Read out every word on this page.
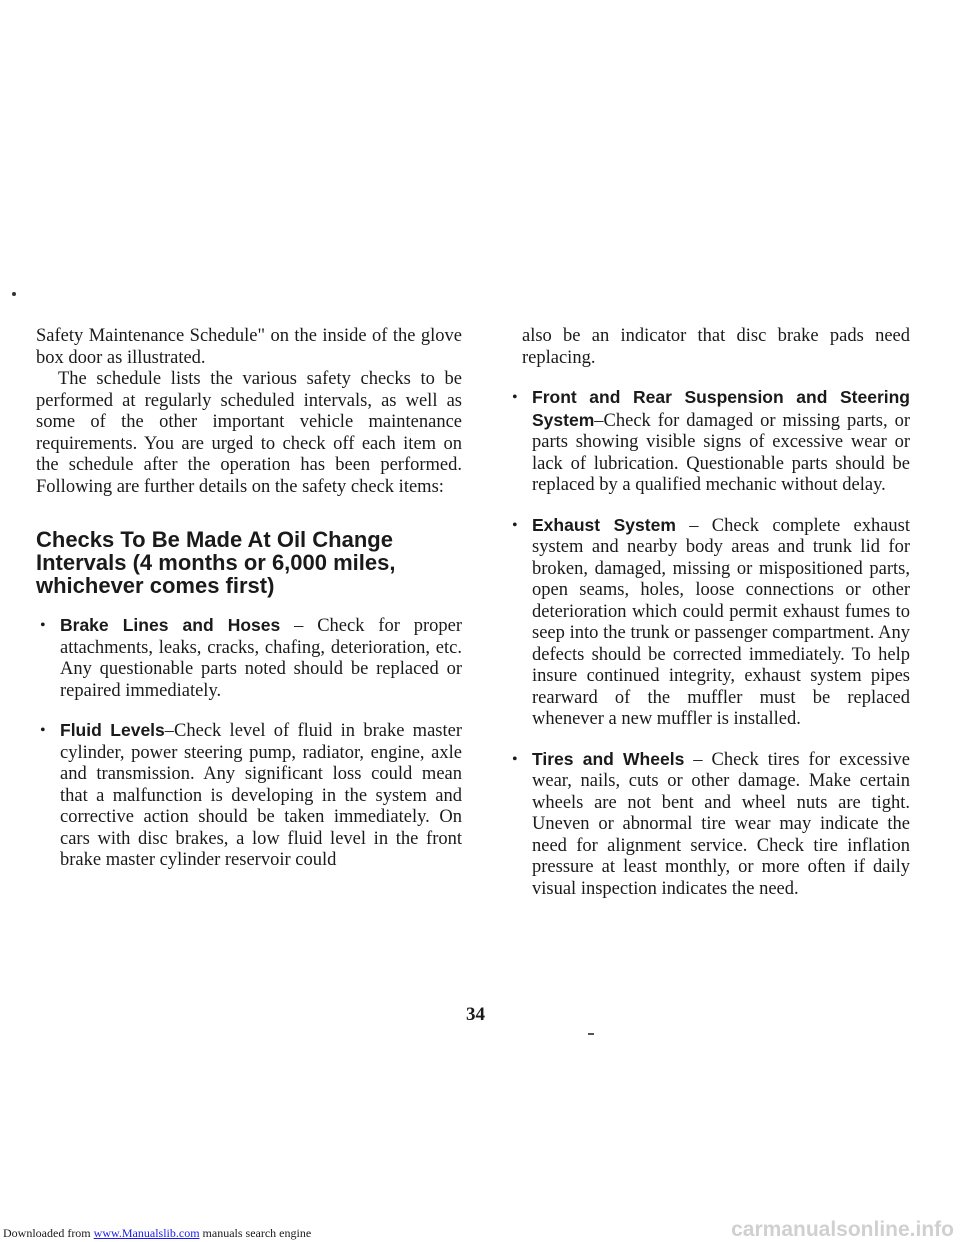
Safety Maintenance Schedule" on the inside of the glove box door as illustrated.

The schedule lists the various safety checks to be performed at regularly scheduled intervals, as well as some of the other important vehicle maintenance requirements. You are urged to check off each item on the schedule after the operation has been performed. Following are further details on the safety check items:

Checks To Be Made At Oil Change Intervals (4 months or 6,000 miles, whichever comes first)
• Brake Lines and Hoses – Check for proper attachments, leaks, cracks, chafing, deterioration, etc. Any questionable parts noted should be replaced or repaired immediately.
• Fluid Levels–Check level of fluid in brake master cylinder, power steering pump, radiator, engine, axle and transmission. Any significant loss could mean that a malfunction is developing in the system and corrective action should be taken immediately. On cars with disc brakes, a low fluid level in the front brake master cylinder reservoir could

also be an indicator that disc brake pads need replacing.

• Front and Rear Suspension and Steering System–Check for damaged or missing parts, or parts showing visible signs of excessive wear or lack of lubrication. Questionable parts should be replaced by a qualified mechanic without delay.
• Exhaust System – Check complete exhaust system and nearby body areas and trunk lid for broken, damaged, missing or mispositioned parts, open seams, holes, loose connections or other deterioration which could permit exhaust fumes to seep into the trunk or passenger compartment. Any defects should be corrected immediately. To help insure continued integrity, exhaust system pipes rearward of the muffler must be replaced whenever a new muffler is installed.
• Tires and Wheels – Check tires for excessive wear, nails, cuts or other damage. Make certain wheels are not bent and wheel nuts are tight. Uneven or abnormal tire wear may indicate the need for alignment service. Check tire inflation pressure at least monthly, or more often if daily visual inspection indicates the need.
34
Downloaded from www.Manualslib.com manuals search engine	carmanualsonline.info
